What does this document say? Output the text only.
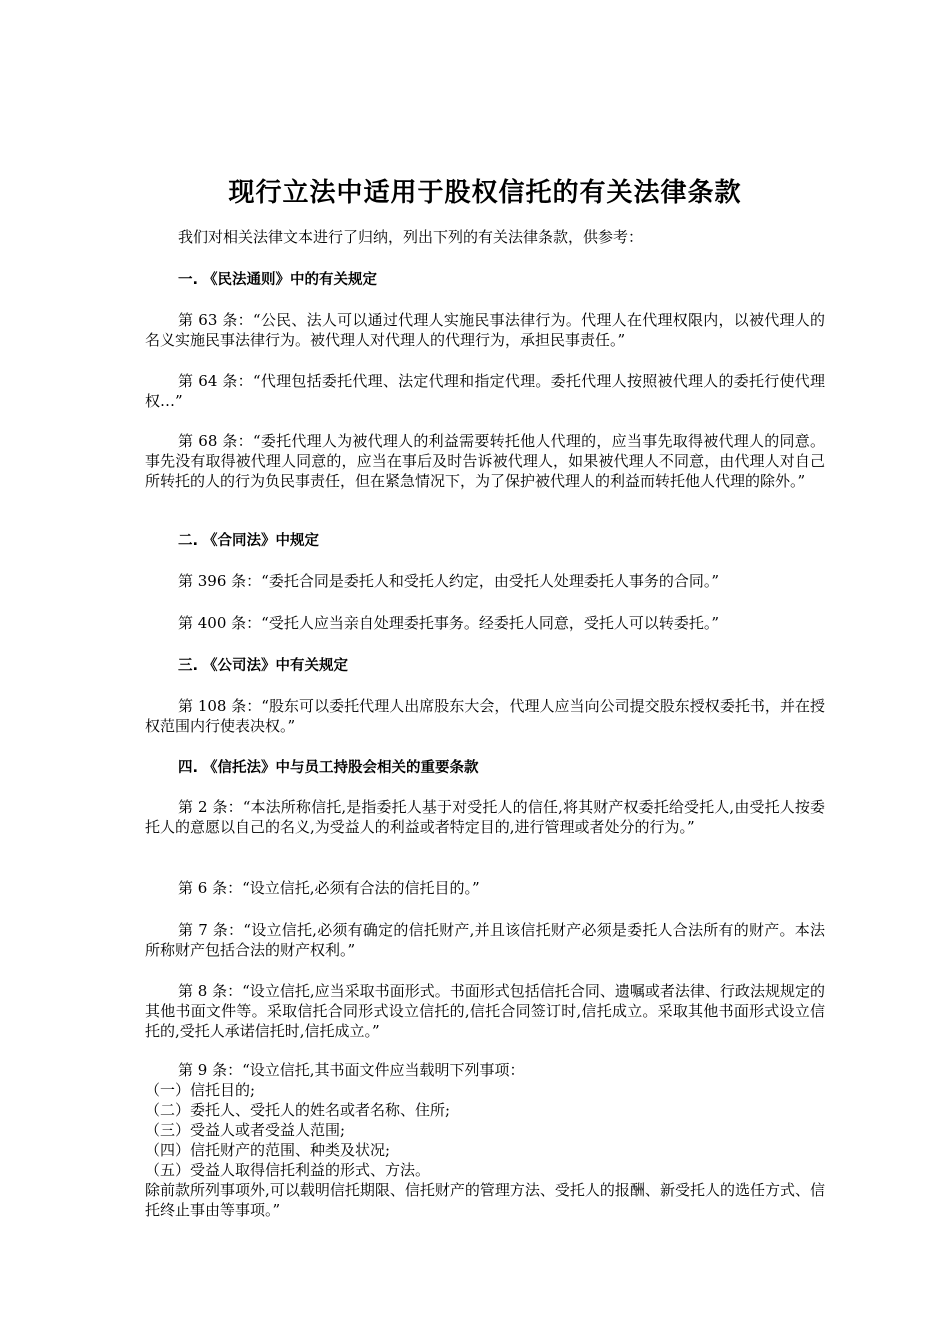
现行立法中适用于股权信托的有关法律条款
我们对相关法律文本进行了归纳，列出下列的有关法律条款，供参考：
一. 《民法通则》中的有关规定
第 63 条：“公民、法人可以通过代理人实施民事法律行为。代理人在代理权限内，以被代理人的名义实施民事法律行为。被代理人对代理人的代理行为，承担民事责任。”
第 64 条：“代理包括委托代理、法定代理和指定代理。委托代理人按照被代理人的委托行使代理权…”
第 68 条：“委托代理人为被代理人的利益需要转托他人代理的，应当事先取得被代理人的同意。事先没有取得被代理人同意的，应当在事后及时告诉被代理人，如果被代理人不同意，由代理人对自己所转托的人的行为负民事责任，但在紧急情况下，为了保护被代理人的利益而转托他人代理的除外。”
二. 《合同法》中规定
第 396 条：“委托合同是委托人和受托人约定，由受托人处理委托人事务的合同。”
第 400 条：“受托人应当亲自处理委托事务。经委托人同意，受托人可以转委托。”
三. 《公司法》中有关规定
第 108 条：“股东可以委托代理人出席股东大会，代理人应当向公司提交股东授权委托书，并在授权范围内行使表决权。”
四. 《信托法》中与员工持股会相关的重要条款
第 2 条：“本法所称信托,是指委托人基于对受托人的信任,将其财产权委托给受托人,由受托人按委托人的意愿以自己的名义,为受益人的利益或者特定目的,进行管理或者处分的行为。”
第 6 条：“设立信托,必须有合法的信托目的。”
第 7 条：“设立信托,必须有确定的信托财产,并且该信托财产必须是委托人合法所有的财产。本法所称财产包括合法的财产权利。”
第 8 条：“设立信托,应当采取书面形式。书面形式包括信托合同、遗嘱或者法律、行政法规规定的其他书面文件等。采取信托合同形式设立信托的,信托合同签订时,信托成立。采取其他书面形式设立信托的,受托人承诺信托时,信托成立。”
第 9 条：“设立信托,其书面文件应当载明下列事项：
（一）信托目的;
（二）委托人、受托人的姓名或者名称、住所;
（三）受益人或者受益人范围;
（四）信托财产的范围、种类及状况;
（五）受益人取得信托利益的形式、方法。
除前款所列事项外,可以载明信托期限、信托财产的管理方法、受托人的报酬、新受托人的选任方式、信托终止事由等事项。”
